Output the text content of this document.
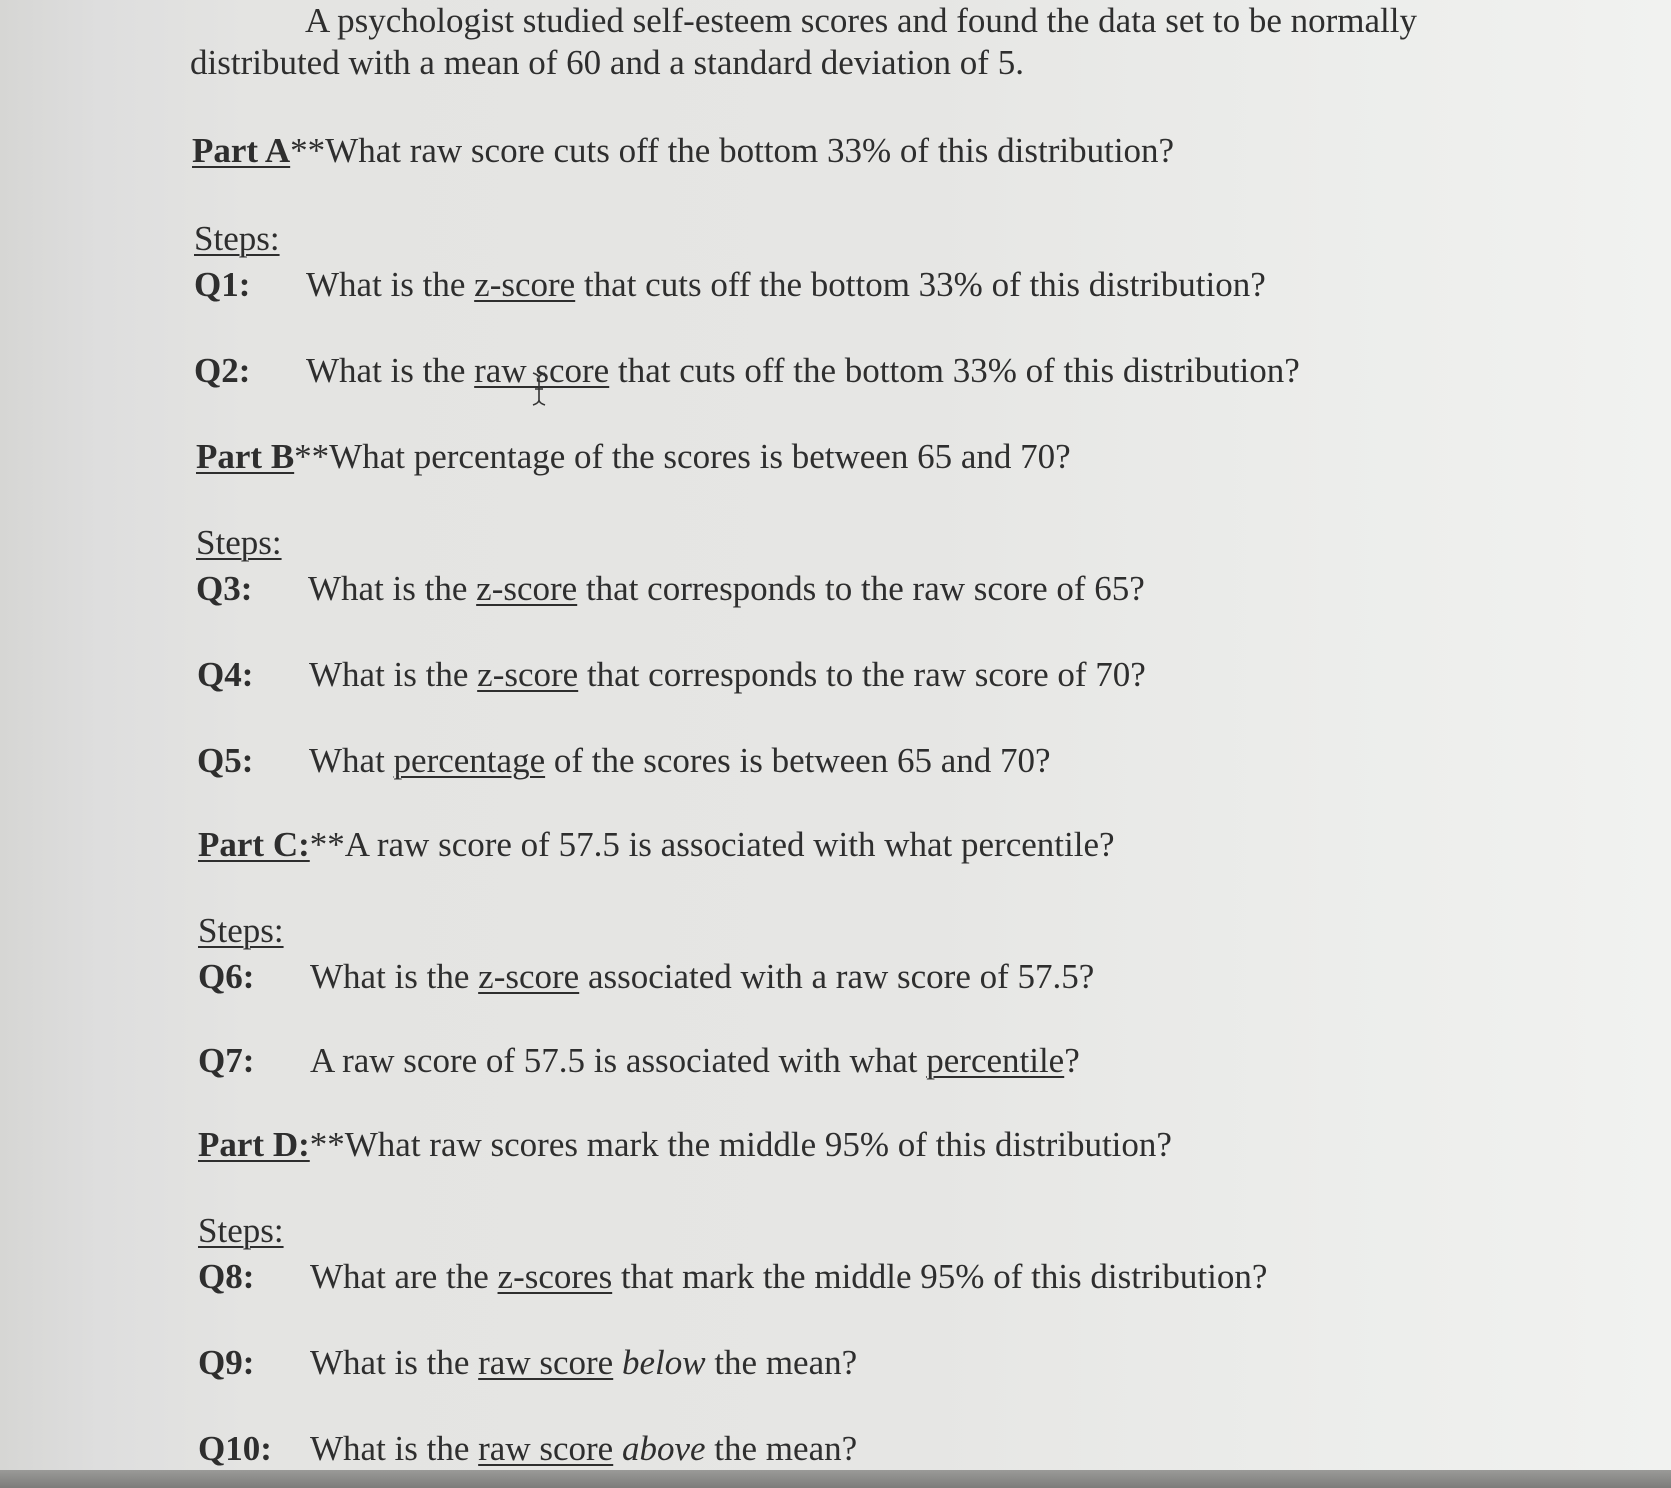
A psychologist studied self-esteem scores and found the data set to be normally
distributed with a mean of 60 and a standard deviation of 5.
Part A**What raw score cuts off the bottom 33% of this distribution?
Steps:
Q1: What is the z-score that cuts off the bottom 33% of this distribution?
Q2: What is the raw score that cuts off the bottom 33% of this distribution?
Part B**What percentage of the scores is between 65 and 70?
Steps:
Q3: What is the z-score that corresponds to the raw score of 65?
Q4: What is the z-score that corresponds to the raw score of 70?
Q5: What percentage of the scores is between 65 and 70?
Part C:**A raw score of 57.5 is associated with what percentile?
Steps:
Q6: What is the z-score associated with a raw score of 57.5?
Q7: A raw score of 57.5 is associated with what percentile?
Part D:**What raw scores mark the middle 95% of this distribution?
Steps:
Q8: What are the z-scores that mark the middle 95% of this distribution?
Q9: What is the raw score below the mean?
Q10: What is the raw score above the mean?
